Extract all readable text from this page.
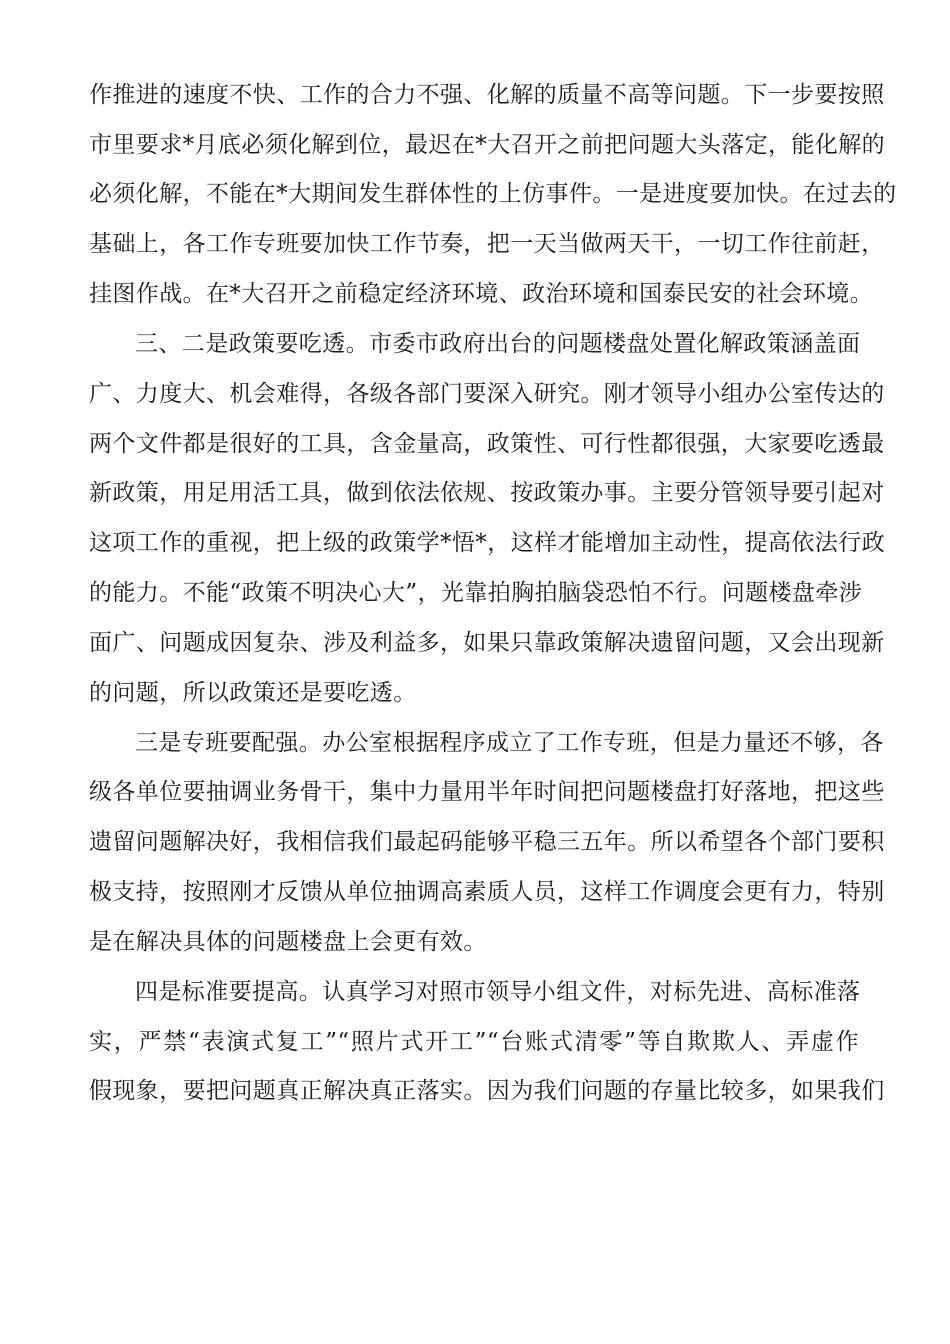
作推进的速度不快、工作的合力不强、化解的质量不高等问题。下一步要按照
市里要求*月底必须化解到位，最迟在*大召开之前把问题大头落定，能化解的
必须化解，不能在*大期间发生群体性的上仿事件。一是进度要加快。在过去的
基础上，各工作专班要加快工作节奏，把一天当做两天干，一切工作往前赶，
挂图作战。在*大召开之前稳定经济环境、政治环境和国泰民安的社会环境。
三、二是政策要吃透。市委市政府出台的问题楼盘处置化解政策涵盖面
广、力度大、机会难得，各级各部门要深入研究。刚才领导小组办公室传达的
两个文件都是很好的工具，含金量高，政策性、可行性都很强，大家要吃透最
新政策，用足用活工具，做到依法依规、按政策办事。主要分管领导要引起对
这项工作的重视，把上级的政策学*悟*，这样才能增加主动性，提高依法行政
的能力。不能“政策不明决心大”，光靠拍胸拍脑袋恐怕不行。问题楼盘牵涉
面广、问题成因复杂、涉及利益多，如果只靠政策解决遗留问题，又会出现新
的问题，所以政策还是要吃透。
三是专班要配强。办公室根据程序成立了工作专班，但是力量还不够，各
级各单位要抽调业务骨干，集中力量用半年时间把问题楼盘打好落地，把这些
遗留问题解决好，我相信我们最起码能够平稳三五年。所以希望各个部门要积
极支持，按照刚才反馈从单位抽调高素质人员，这样工作调度会更有力，特别
是在解决具体的问题楼盘上会更有效。
四是标准要提高。认真学习对照市领导小组文件，对标先进、高标准落
实，严禁“表演式复工”“照片式开工”“台账式清零”等自欺欺人、弄虚作
假现象，要把问题真正解决真正落实。因为我们问题的存量比较多，如果我们
